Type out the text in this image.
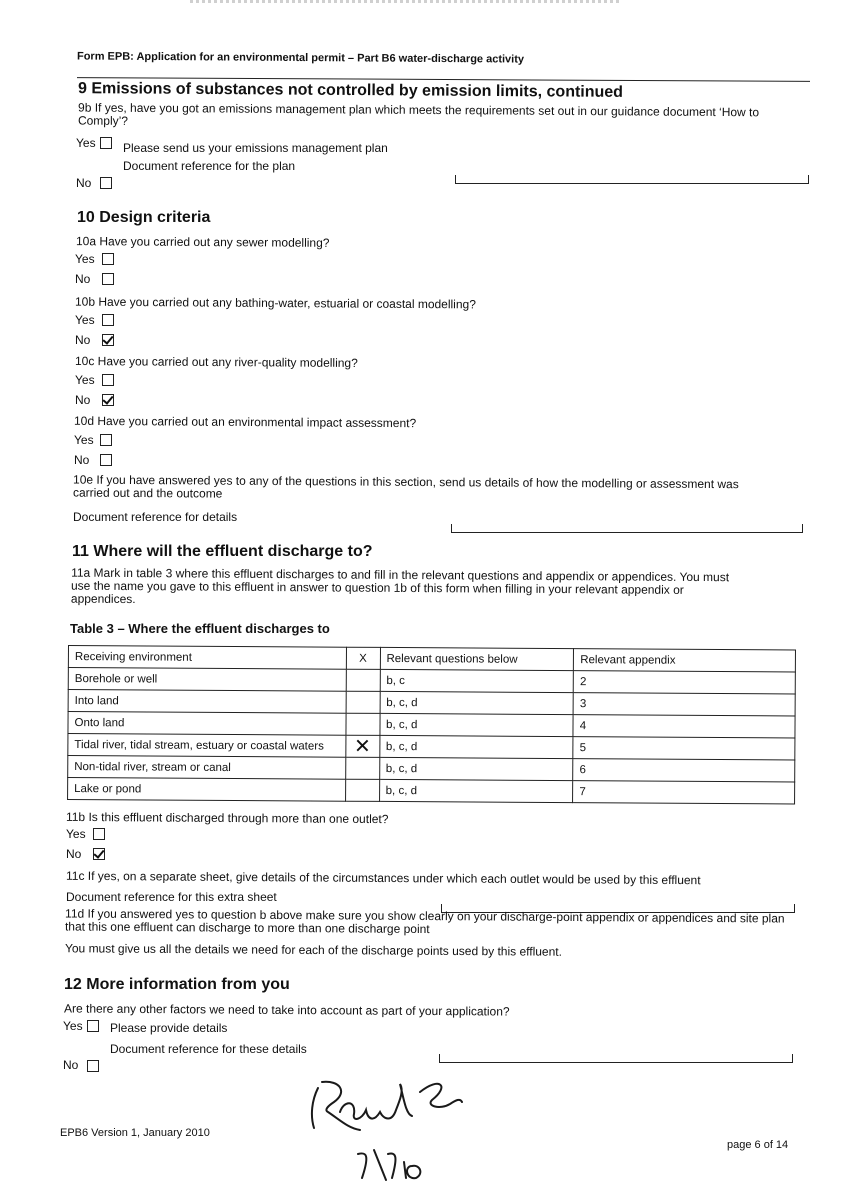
Form EPB: Application for an environmental permit – Part B6 water-discharge activity
9 Emissions of substances not controlled by emission limits, continued
9b If yes, have you got an emissions management plan which meets the requirements set out in our guidance document ‘How to Comply’?
Yes Please send us your emissions management plan
Document reference for the plan
No
10 Design criteria
10a Have you carried out any sewer modelling?
Yes
No
10b Have you carried out any bathing-water, estuarial or coastal modelling?
Yes
No
10c Have you carried out any river-quality modelling?
Yes
No
10d Have you carried out an environmental impact assessment?
Yes
No
10e If you have answered yes to any of the questions in this section, send us details of how the modelling or assessment was carried out and the outcome
Document reference for details
11 Where will the effluent discharge to?
11a Mark in table 3 where this effluent discharges to and fill in the relevant questions and appendix or appendices. You must use the name you gave to this effluent in answer to question 1b of this form when filling in your relevant appendix or appendices.
Table 3 – Where the effluent discharges to
Receiving environment	X	Relevant questions below	Relevant appendix
Borehole or well		b, c	2
Into land		b, c, d	3
Onto land		b, c, d	4
Tidal river, tidal stream, estuary or coastal waters	✕	b, c, d	5
Non-tidal river, stream or canal		b, c, d	6
Lake or pond		b, c, d	7
11b Is this effluent discharged through more than one outlet?
Yes
No
11c If yes, on a separate sheet, give details of the circumstances under which each outlet would be used by this effluent
Document reference for this extra sheet
11d If you answered yes to question b above make sure you show clearly on your discharge-point appendix or appendices and site plan that this one effluent can discharge to more than one discharge point
You must give us all the details we need for each of the discharge points used by this effluent.
12 More information from you
Are there any other factors we need to take into account as part of your application?
Yes Please provide details
Document reference for these details
No
EPB6 Version 1, January 2010
page 6 of 14
